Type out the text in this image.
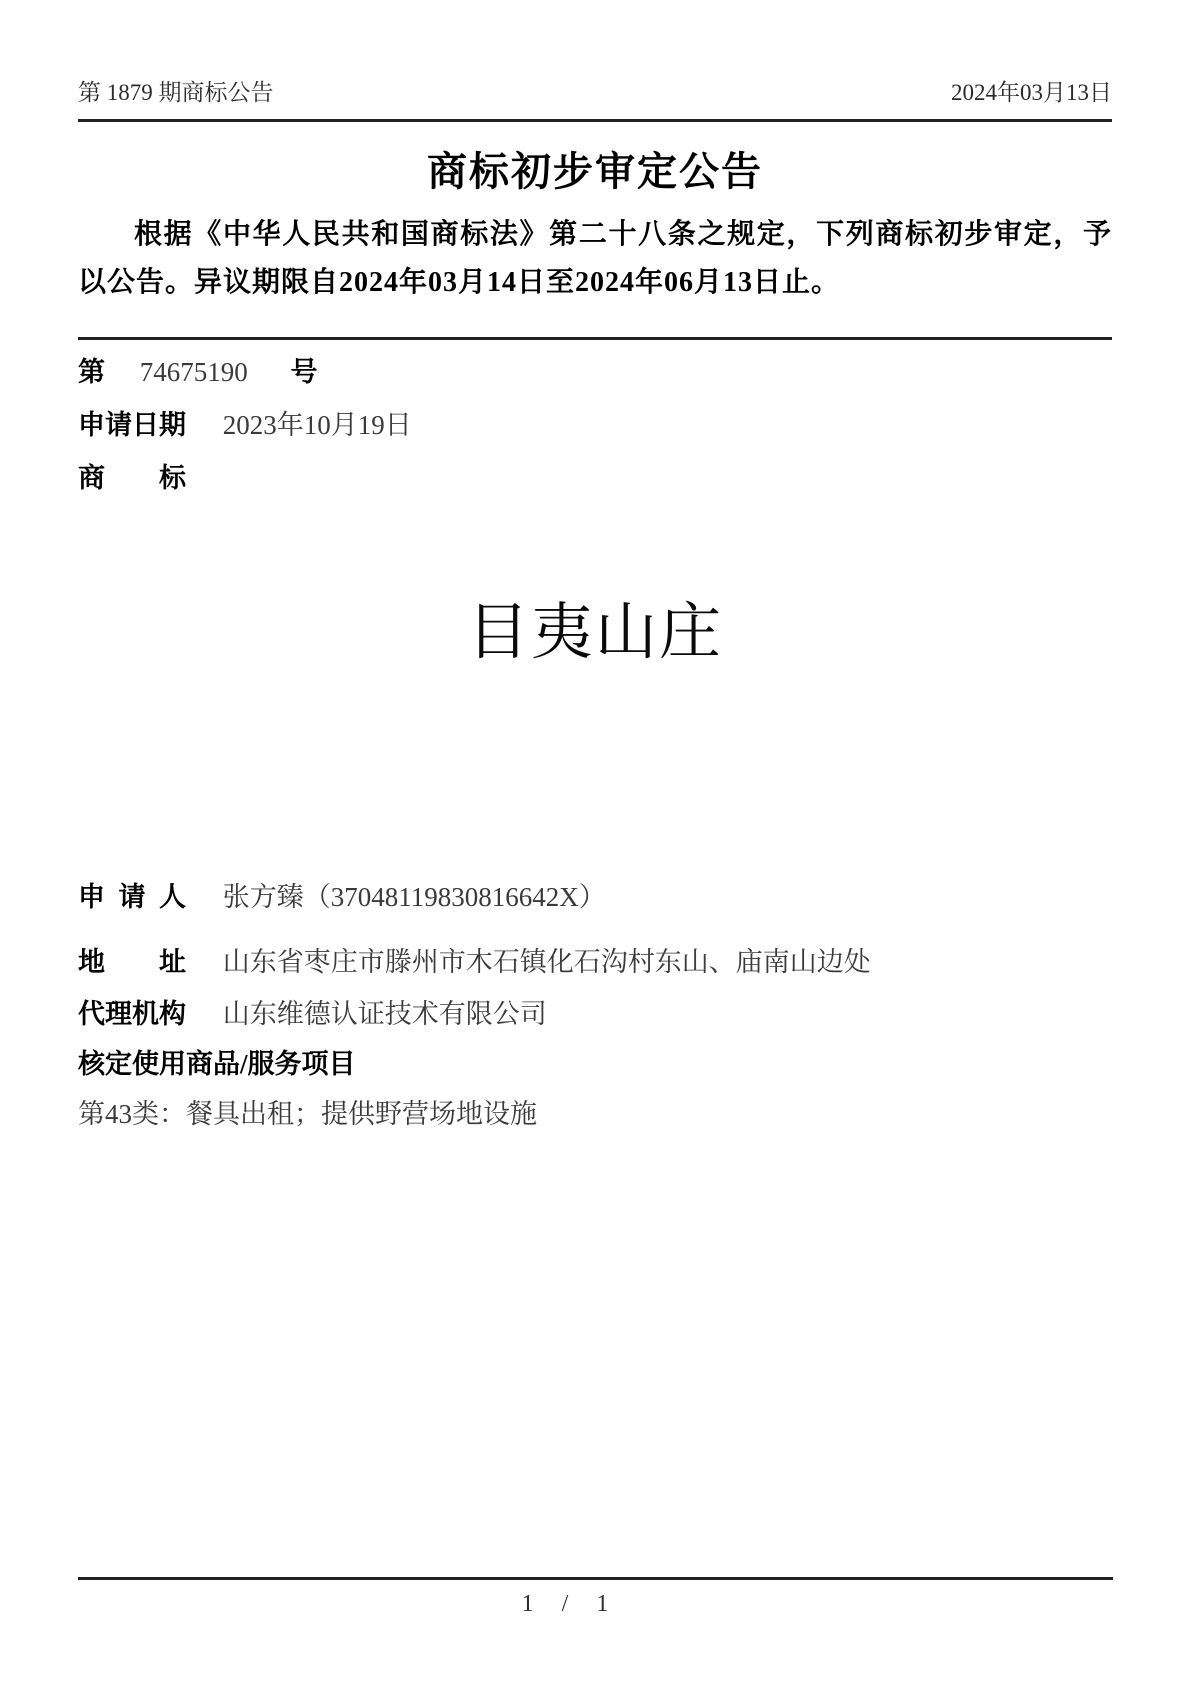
第 1879 期商标公告	2024年03月13日
商标初步审定公告

根据《中华人民共和国商标法》第二十八条之规定，下列商标初步审定，予以公告。异议期限自2024年03月14日至2024年06月13日止。

第 74675190 号
申请日期 2023年10月19日
商标
目夷山庄
申请人 张方臻（37048119830816642X）
地址 山东省枣庄市滕州市木石镇化石沟村东山、庙南山边处
代理机构 山东维德认证技术有限公司
核定使用商品/服务项目
第43类：餐具出租；提供野营场地设施
1 / 1
